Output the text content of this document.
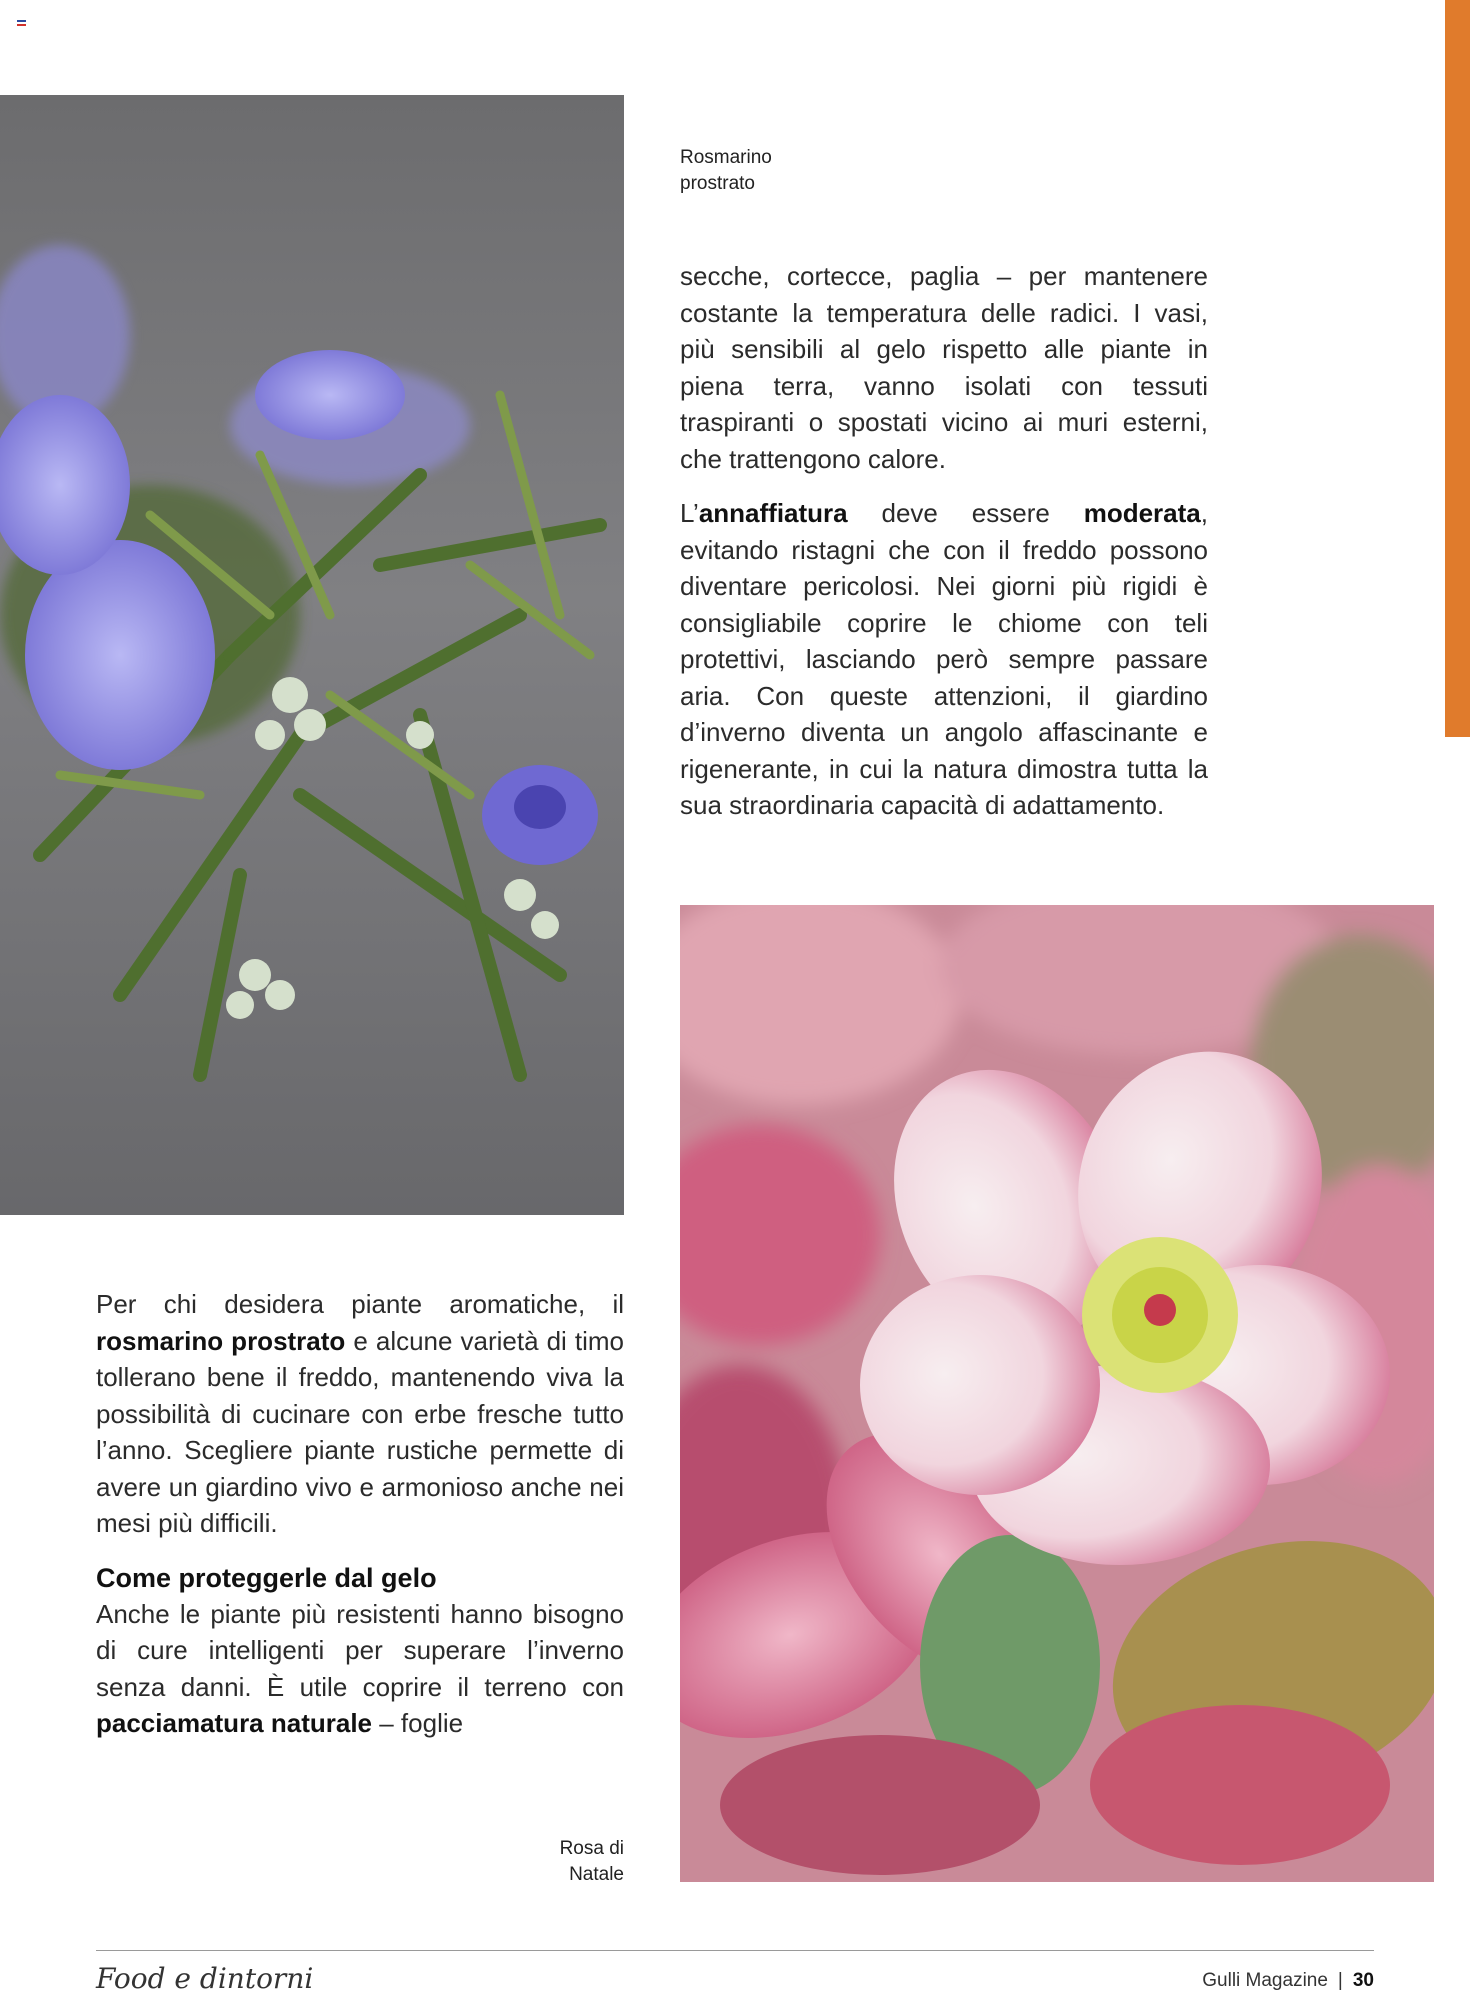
Rosmarino
prostrato

secche, cortecce, paglia – per mantenere costante la temperatura delle radici. I vasi, più sensibili al gelo rispetto alle piante in piena terra, vanno isolati con tessuti traspiranti o spostati vicino ai muri esterni, che trattengono calore.

L’annaffiatura deve essere moderata, evitando ristagni che con il freddo possono diventare pericolosi. Nei giorni più rigidi è consigliabile coprire le chiome con teli protettivi, lasciando però sempre passare aria. Con queste attenzioni, il giardino d’inverno diventa un angolo affascinante e rigenerante, in cui la natura dimostra tutta la sua straordinaria capacità di adattamento.

Rosa di
Natale

Per chi desidera piante aromatiche, il rosmarino prostrato e alcune varietà di timo tollerano bene il freddo, mantenendo viva la possibilità di cucinare con erbe fresche tutto l’anno. Scegliere piante rustiche permette di avere un giardino vivo e armonioso anche nei mesi più difficili.

Come proteggerle dal gelo

Anche le piante più resistenti hanno bisogno di cure intelligenti per superare l’inverno senza danni. È utile coprire il terreno con pacciamatura naturale – foglie

Food e dintorni	Gulli Magazine | 30
